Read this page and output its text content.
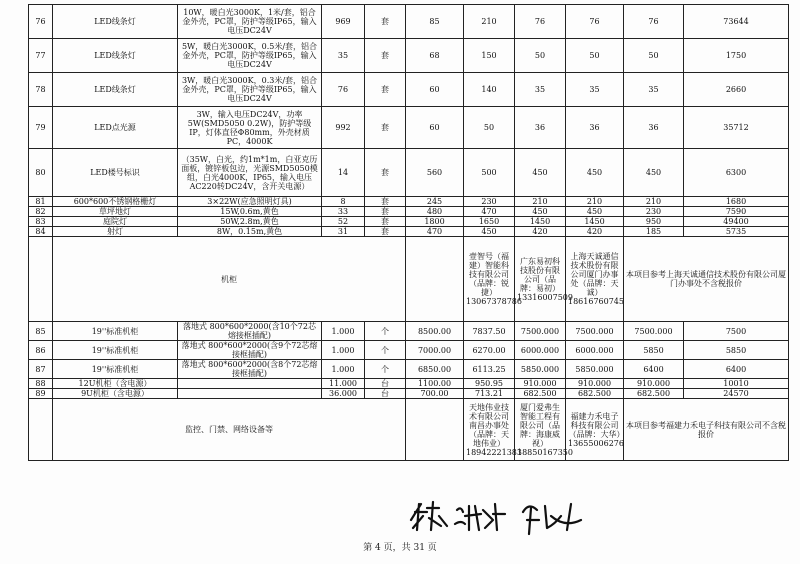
76	LED线条灯	10W，暖白光3000K，1米/套，铝合金外壳，PC罩，防护等级IP65，输入电压DC24V	969	套	85	210	76	76	76	73644
77	LED线条灯	5W，暖白光3000K，0.5米/套，铝合金外壳，PC罩，防护等级IP65，输入电压DC24V	35	套	68	150	50	50	50	1750
78	LED线条灯	3W，暖白光3000K，0.3米/套，铝合金外壳，PC罩，防护等级IP65，输入电压DC24V	76	套	60	140	35	35	35	2660
79	LED点光源	3W，输入电压DC24V，功率5W(SMD5050 0.2W)，防护等级IP，灯体直径Φ80mm，外壳材质PC，4000K	992	套	60	50	36	36	36	35712
80	LED楼号标识	（35W，白光，约1m*1m，白亚克历面板，镀锌板包边，光源SMD5050模组，白光4000K，IP65，输入电压AC220转DC24V，含开关电源）	14	套	560	500	450	450	450	6300
81	600*600不锈钢格栅灯	3×22W(应急照明灯具)	8	套	245	230	210	210	210	1680
82	草坪地灯	15W,0.6m,黄色	33	套	480	470	450	450	230	7590
83	庭院灯	50W,2.8m,黄色	52	套	1800	1650	1450	1450	950	49400
84	射灯	8W，0.15m,黄色	31	套	470	450	420	420	185	5735
	机柜					壹智号（福建）智能科技有限公司（品牌：锐捷）13067378786	广东易初科技股份有限公司（品牌：易初）13316007509	上海天诚通信技术股份有限公司厦门办事处（品牌：天诚）18616760745	本项目参考上海天诚通信技术股份有限公司厦门办事处不含税报价	
85	19''标准机柜	落地式 800*600*2000(含10个72芯熔接框插配)	1.000	个	8500.00	7837.50	7500.000	7500.000	7500.000	7500
86	19''标准机柜	落地式 800*600*2000(含9个72芯熔接框插配)	1.000	个	7000.00	6270.00	6000.000	6000.000	5850	5850
87	19''标准机柜	落地式 800*600*2000(含8个72芯熔接框插配)	1.000	个	6850.00	6113.25	5850.000	5850.000	6400	6400
88	12U机柜（含电源）		11.000	台	1100.00	950.95	910.000	910.000	910.000	10010
89	9U机柜（含电源）		36.000	台	700.00	713.21	682.500	682.500	682.500	24570
	监控、门禁、网络设备等					天地伟业技术有限公司南昌办事处（品牌：天地伟业）18942221383	厦门爱弗生智能工程有限公司（品牌：海康威视）18850167350	福建力禾电子科技有限公司（品牌：大华）13655006276	本项目参考福建力禾电子科技有限公司不含税报价	
第 4 页，共 31 页
